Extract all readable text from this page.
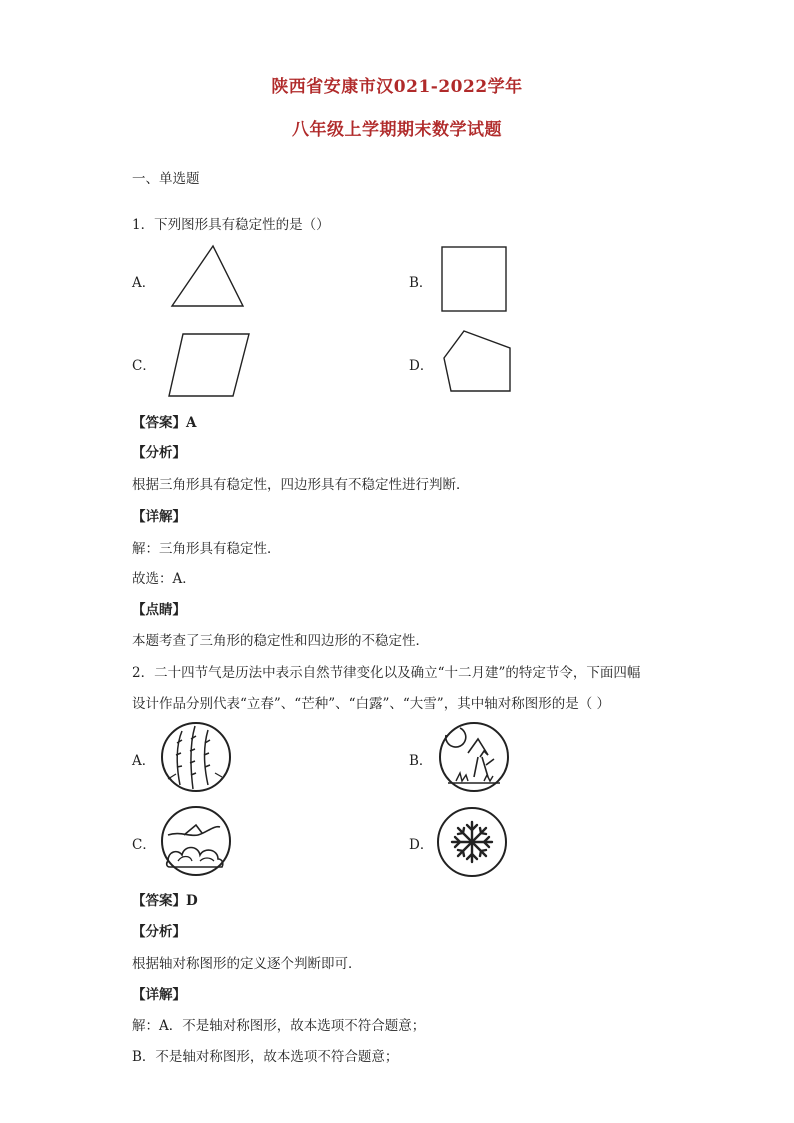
陕西省安康市汉021-2022学年
八年级上学期期末数学试题
一、单选题
1．下列图形具有稳定性的是（）
A．	B．
C．	D．
【答案】A
【分析】
根据三角形具有稳定性，四边形具有不稳定性进行判断．
【详解】
解：三角形具有稳定性．
故选：A．
【点睛】
本题考查了三角形的稳定性和四边形的不稳定性．
2．二十四节气是历法中表示自然节律变化以及确立“十二月建”的特定节令，下面四幅
设计作品分别代表“立春”、“芒种”、“白露”、“大雪”，其中轴对称图形的是（ ）
A．	B．
C．	D．
【答案】D
【分析】
根据轴对称图形的定义逐个判断即可．
【详解】
解：A．不是轴对称图形，故本选项不符合题意；
B．不是轴对称图形，故本选项不符合题意；
